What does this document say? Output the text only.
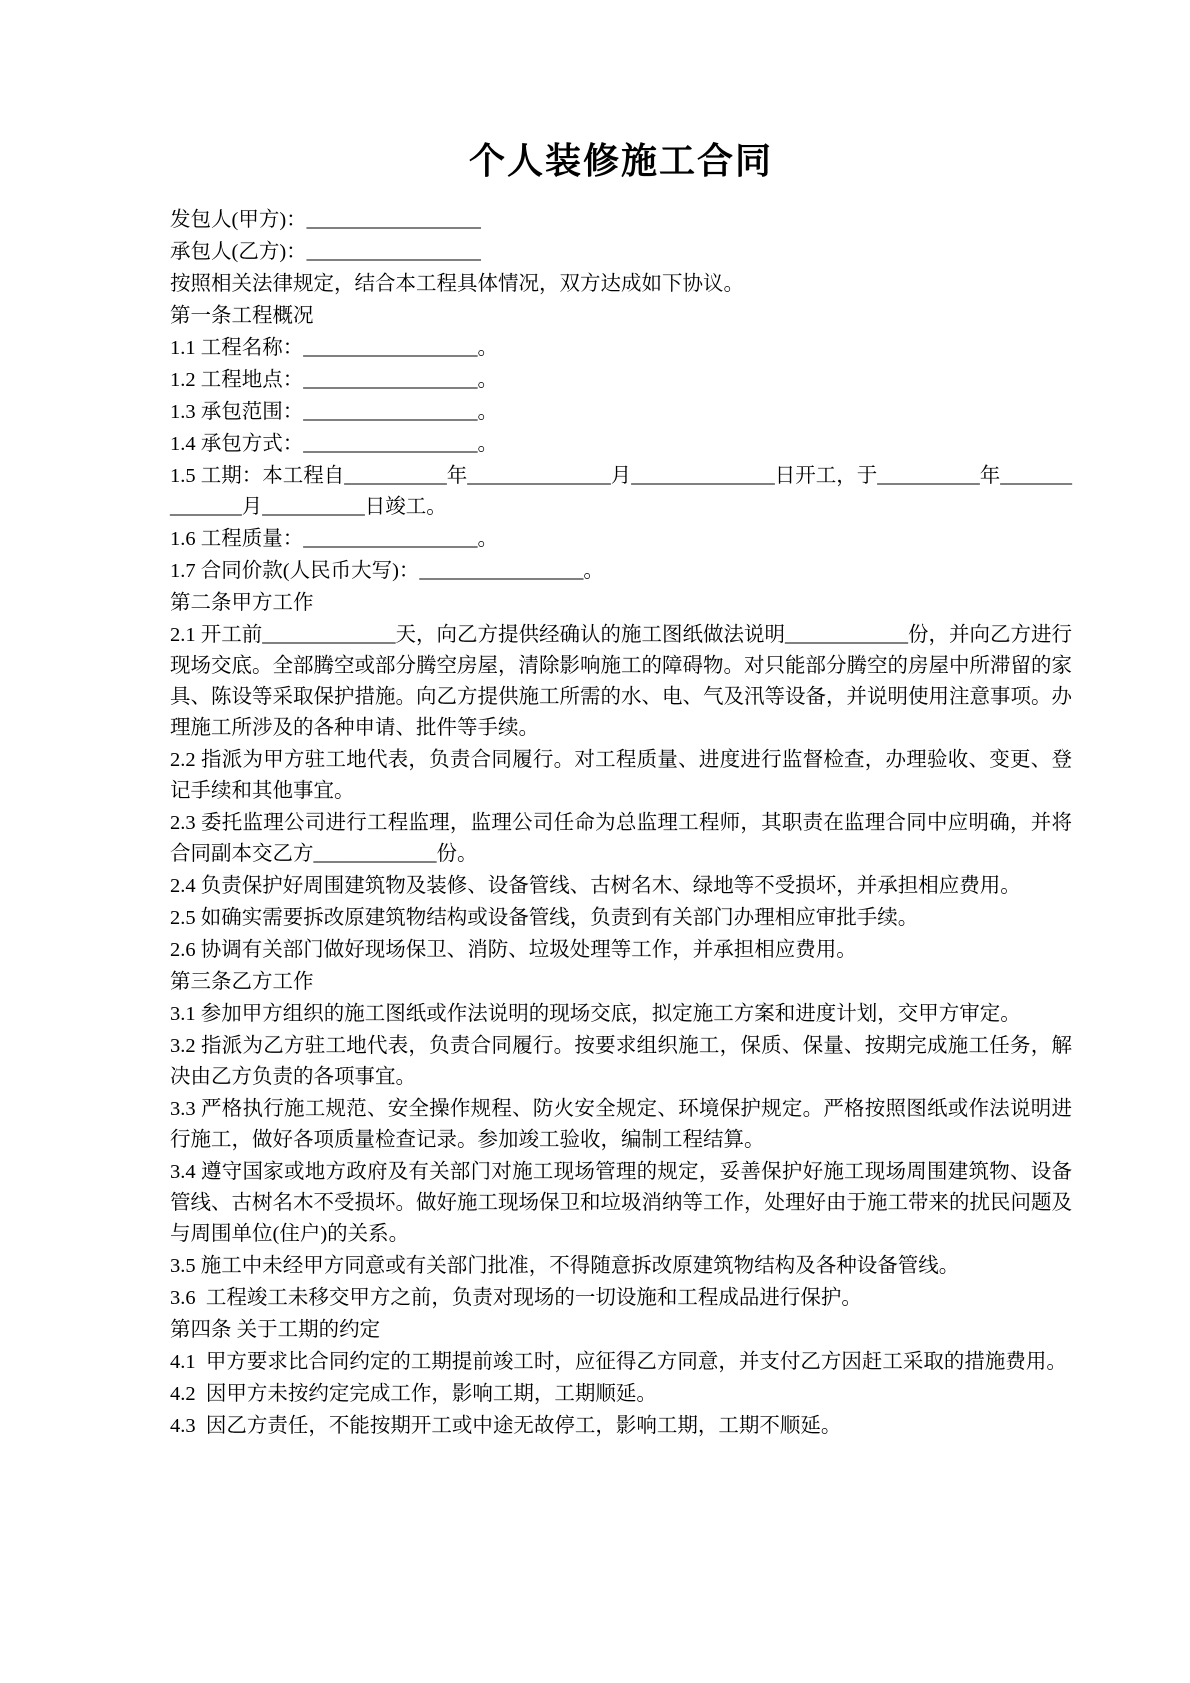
个人装修施工合同

发包人(甲方)：_________________

承包人(乙方)：_________________

按照相关法律规定，结合本工程具体情况，双方达成如下协议。

第一条工程概况

1.1 工程名称：_________________。

1.2 工程地点：_________________。

1.3 承包范围：_________________。

1.4 承包方式：_________________。

1.5 工期：本工程自__________年______________月______________日开工，于__________年______________月__________日竣工。

1.6 工程质量：_________________。

1.7 合同价款(人民币大写)：________________。

第二条甲方工作

2.1 开工前_____________天，向乙方提供经确认的施工图纸做法说明____________份，并向乙方进行现场交底。全部腾空或部分腾空房屋，清除影响施工的障碍物。对只能部分腾空的房屋中所滞留的家具、陈设等采取保护措施。向乙方提供施工所需的水、电、气及汛等设备，并说明使用注意事项。办理施工所涉及的各种申请、批件等手续。

2.2 指派为甲方驻工地代表，负责合同履行。对工程质量、进度进行监督检查，办理验收、变更、登记手续和其他事宜。

2.3 委托监理公司进行工程监理，监理公司任命为总监理工程师，其职责在监理合同中应明确，并将合同副本交乙方____________份。

2.4 负责保护好周围建筑物及装修、设备管线、古树名木、绿地等不受损坏，并承担相应费用。

2.5 如确实需要拆改原建筑物结构或设备管线，负责到有关部门办理相应审批手续。

2.6 协调有关部门做好现场保卫、消防、垃圾处理等工作，并承担相应费用。

第三条乙方工作

3.1 参加甲方组织的施工图纸或作法说明的现场交底，拟定施工方案和进度计划，交甲方审定。

3.2 指派为乙方驻工地代表，负责合同履行。按要求组织施工，保质、保量、按期完成施工任务，解决由乙方负责的各项事宜。

3.3 严格执行施工规范、安全操作规程、防火安全规定、环境保护规定。严格按照图纸或作法说明进行施工，做好各项质量检查记录。参加竣工验收，编制工程结算。

3.4 遵守国家或地方政府及有关部门对施工现场管理的规定，妥善保护好施工现场周围建筑物、设备管线、古树名木不受损坏。做好施工现场保卫和垃圾消纳等工作，处理好由于施工带来的扰民问题及与周围单位(住户)的关系。

3.5 施工中未经甲方同意或有关部门批准，不得随意拆改原建筑物结构及各种设备管线。

3.6  工程竣工未移交甲方之前，负责对现场的一切设施和工程成品进行保护。

第四条 关于工期的约定

4.1  甲方要求比合同约定的工期提前竣工时，应征得乙方同意，并支付乙方因赶工采取的措施费用。

4.2  因甲方未按约定完成工作，影响工期，工期顺延。

4.3  因乙方责任，不能按期开工或中途无故停工，影响工期，工期不顺延。
